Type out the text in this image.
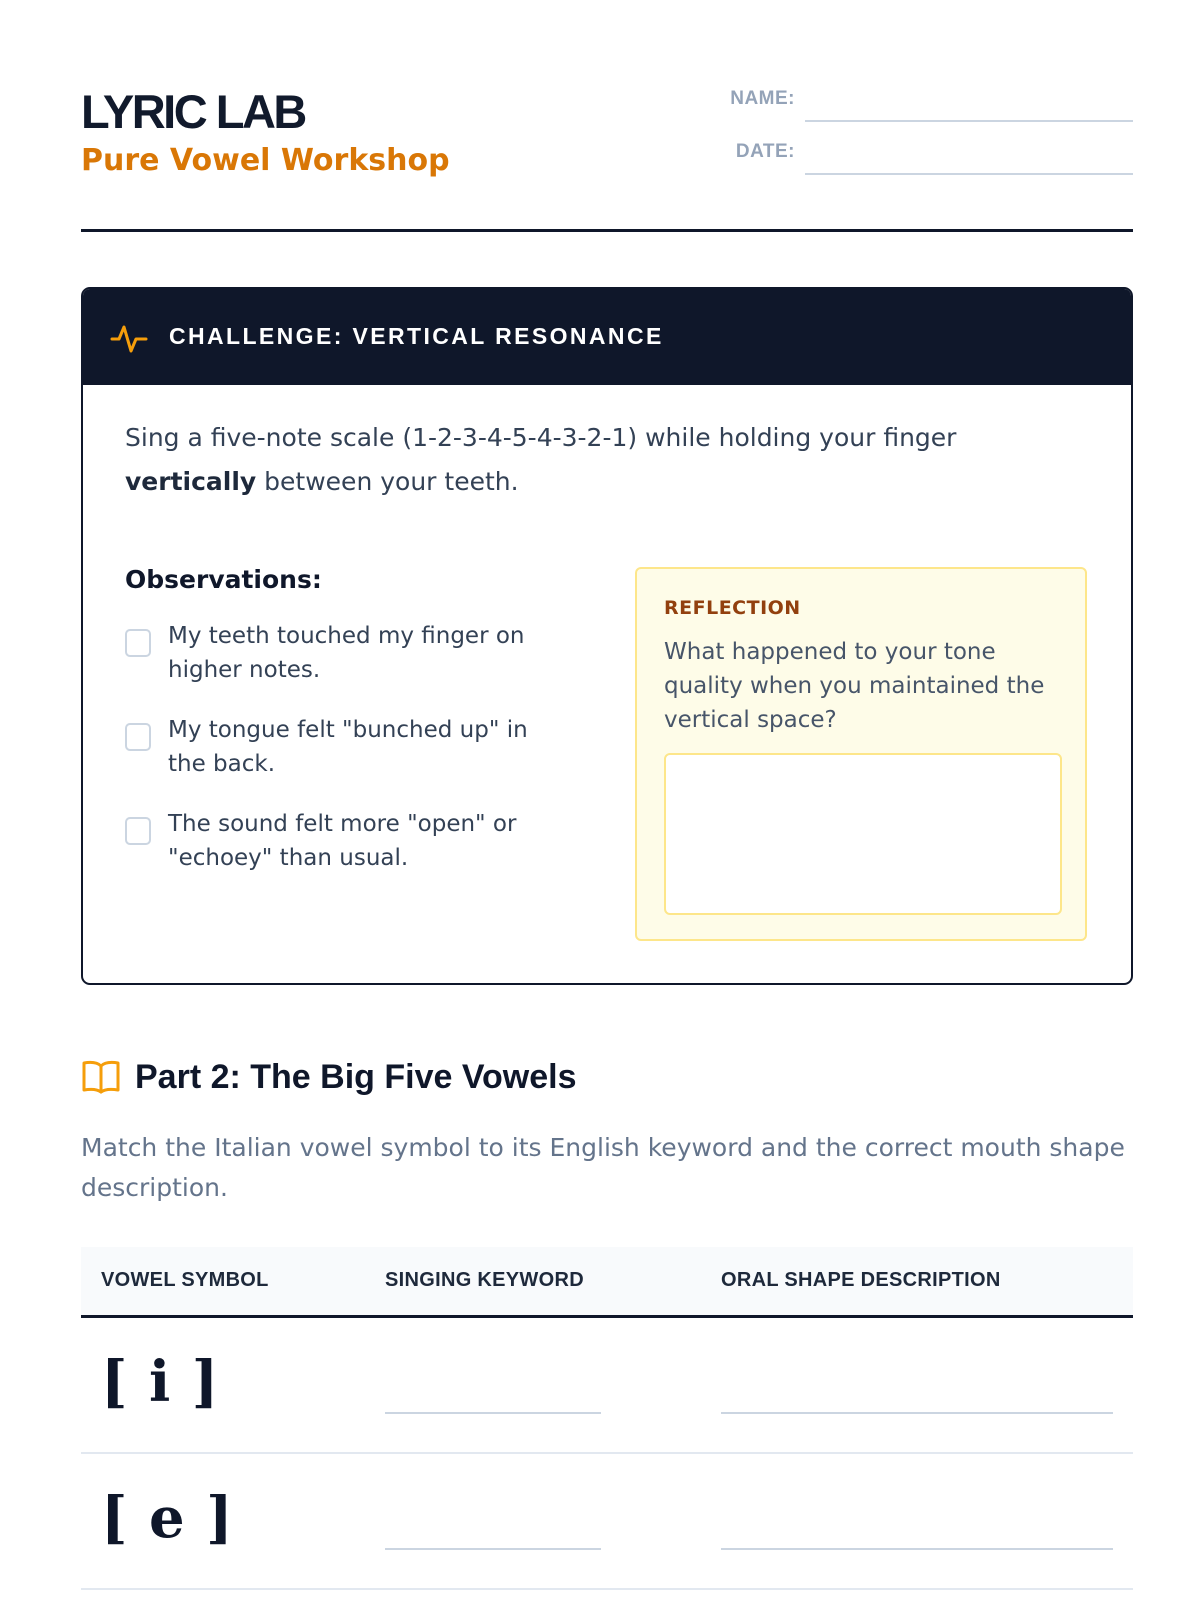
LYRIC LAB
Pure Vowel Workshop
NAME:
DATE:
CHALLENGE: VERTICAL RESONANCE

Sing a five-note scale (1-2-3-4-5-4-3-2-1) while holding your finger vertically between your teeth.

Observations:
My teeth touched my finger on higher notes.
My tongue felt "bunched up" in the back.
The sound felt more "open" or "echoey" than usual.
REFLECTION

What happened to your tone quality when you maintained the vertical space?

Part 2: The Big Five Vowels

Match the Italian vowel symbol to its English keyword and the correct mouth shape description.

VOWEL SYMBOL	SINGING KEYWORD	ORAL SHAPE DESCRIPTION
[ i ]
[ e ]
